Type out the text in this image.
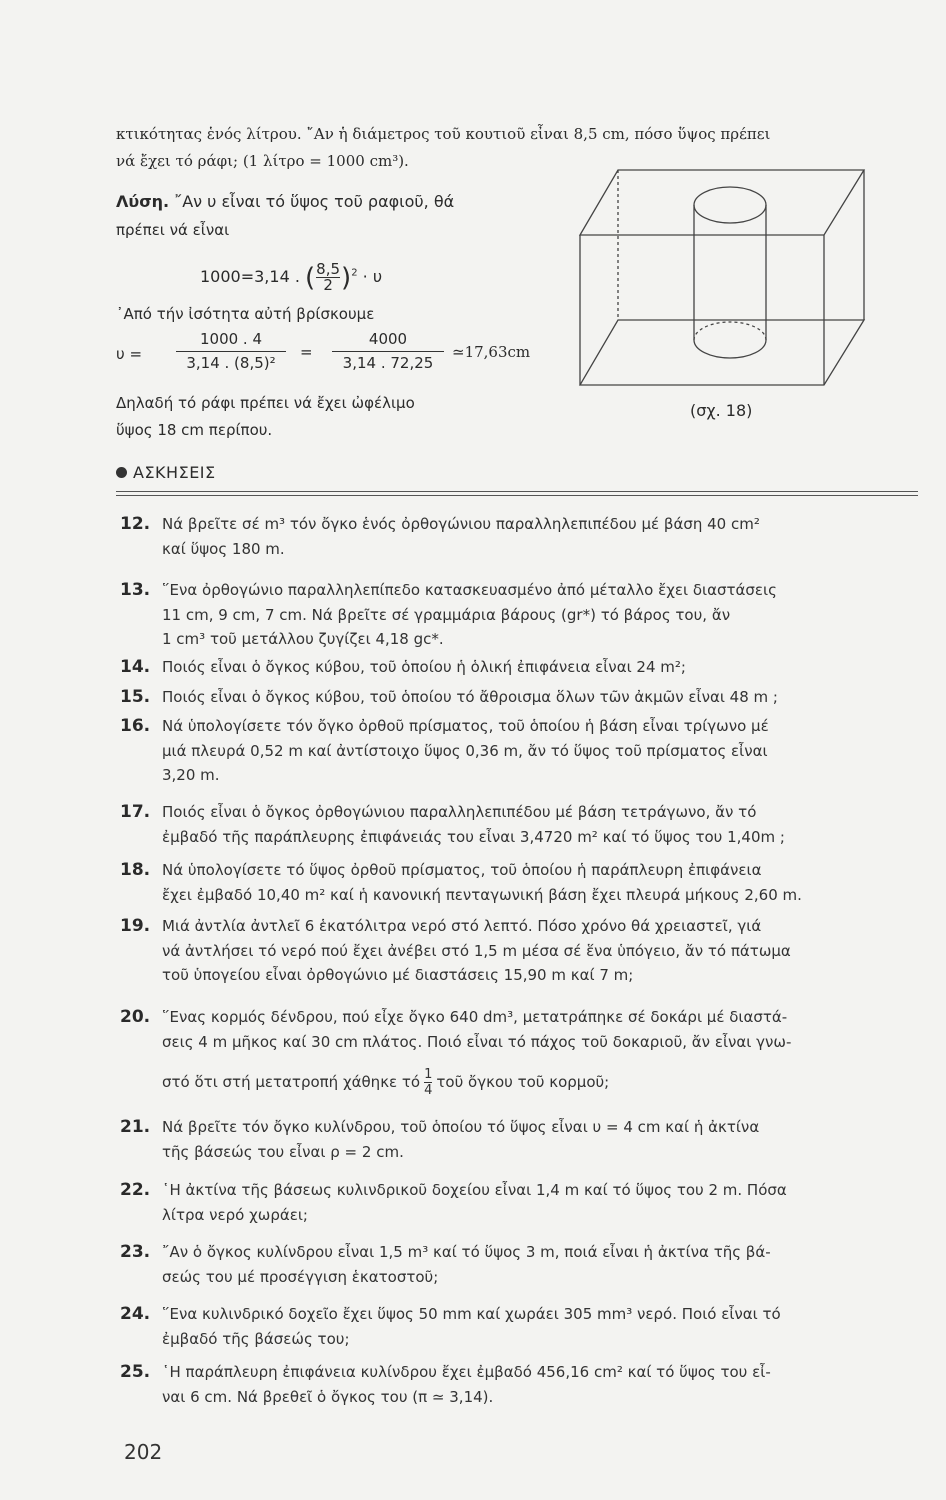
κτικότητας ἑνός λίτρου. ῎Αν ἡ διάμετρος τοῦ κουτιοῦ εἶναι 8,5 cm, πόσο ὕψος πρέπει
νά ἔχει τό ράφι; (1 λίτρο = 1000 cm³).
Λύση. ῎Αν υ εἶναι τό ὕψος τοῦ ραφιοῦ, θά
πρέπει νά εἶναι
1000=3,14 . ( $\frac{8,5}{2} )^2 \cdot \upsilon$
᾿Από τήν ἰσότητα αὐτή βρίσκουμε
υ =
1000 . 4
3,14 . (8,5)²
=
4000
3,14 . 72,25
≃17,63cm
Δηλαδή τό ράφι πρέπει νά ἔχει ὠφέλιμο
ὕψος 18 cm περίπου.
(σχ. 18)
ΑΣΚΗΣΕΙΣ
12. Νά βρεῖτε σέ m³ τόν ὄγκο ἑνός ὀρθογώνιου παραλληλεπιπέδου μέ βάση 40 cm²
καί ὕψος 180 m.
13. ῞Ενα ὀρθογώνιο παραλληλεπίπεδο κατασκευασμένο ἀπό μέταλλο ἔχει διαστάσεις
11 cm, 9 cm, 7 cm. Νά βρεῖτε σέ γραμμάρια βάρους (gr*) τό βάρος του, ἄν
1 cm³ τοῦ μετάλλου ζυγίζει 4,18 gc*.
14. Ποιός εἶναι ὁ ὄγκος κύβου, τοῦ ὁποίου ἡ ὁλική ἐπιφάνεια εἶναι 24 m²;
15. Ποιός εἶναι ὁ ὄγκος κύβου, τοῦ ὁποίου τό ἄθροισμα ὅλων τῶν ἀκμῶν εἶναι 48 m ;
16. Νά ὑπολογίσετε τόν ὄγκο ὀρθοῦ πρίσματος, τοῦ ὁποίου ἡ βάση εἶναι τρίγωνο μέ
μιά πλευρά 0,52 m καί ἀντίστοιχο ὕψος 0,36 m, ἄν τό ὕψος τοῦ πρίσματος εἶναι
3,20 m.
17. Ποιός εἶναι ὁ ὄγκος ὀρθογώνιου παραλληλεπιπέδου μέ βάση τετράγωνο, ἄν τό
ἐμβαδό τῆς παράπλευρης ἐπιφάνειάς του εἶναι 3,4720 m² καί τό ὕψος του 1,40m ;
18. Νά ὑπολογίσετε τό ὕψος ὀρθοῦ πρίσματος, τοῦ ὁποίου ἡ παράπλευρη ἐπιφάνεια
ἔχει ἐμβαδό 10,40 m² καί ἡ κανονική πενταγωνική βάση ἔχει πλευρά μήκους 2,60 m.
19. Μιά ἀντλία ἀντλεῖ 6 ἑκατόλιτρα νερό στό λεπτό. Πόσο χρόνο θά χρειαστεῖ, γιά
νά ἀντλήσει τό νερό πού ἔχει ἀνέβει στό 1,5 m μέσα σέ ἕνα ὑπόγειο, ἄν τό πάτωμα
τοῦ ὑπογείου εἶναι ὀρθογώνιο μέ διαστάσεις 15,90 m καί 7 m;
20. ῞Ενας κορμός δένδρου, πού εἶχε ὄγκο 640 dm³, μετατράπηκε σέ δοκάρι μέ διαστά-
σεις 4 m μῆκος καί 30 cm πλάτος. Ποιό εἶναι τό πάχος τοῦ δοκαριοῦ, ἄν εἶναι γνω-
στό ὅτι στή μετατροπή χάθηκε τό $\frac{1}{4}$ τοῦ ὄγκου τοῦ κορμοῦ;
21. Νά βρεῖτε τόν ὄγκο κυλίνδρου, τοῦ ὁποίου τό ὕψος εἶναι υ = 4 cm καί ἡ ἀκτίνα
τῆς βάσεώς του εἶναι ρ = 2 cm.
22. ῾Η ἀκτίνα τῆς βάσεως κυλινδρικοῦ δοχείου εἶναι 1,4 m καί τό ὕψος του 2 m. Πόσα
λίτρα νερό χωράει;
23. ῎Αν ὁ ὄγκος κυλίνδρου εἶναι 1,5 m³ καί τό ὕψος 3 m, ποιά εἶναι ἡ ἀκτίνα τῆς βά-
σεώς του μέ προσέγγιση ἑκατοστοῦ;
24. ῞Ενα κυλινδρικό δοχεῖο ἔχει ὕψος 50 mm καί χωράει 305 mm³ νερό. Ποιό εἶναι τό
ἐμβαδό τῆς βάσεώς του;
25. ῾Η παράπλευρη ἐπιφάνεια κυλίνδρου ἔχει ἐμβαδό 456,16 cm² καί τό ὕψος του εἶ-
ναι 6 cm. Νά βρεθεῖ ὁ ὄγκος του (π ≃ 3,14).
202
